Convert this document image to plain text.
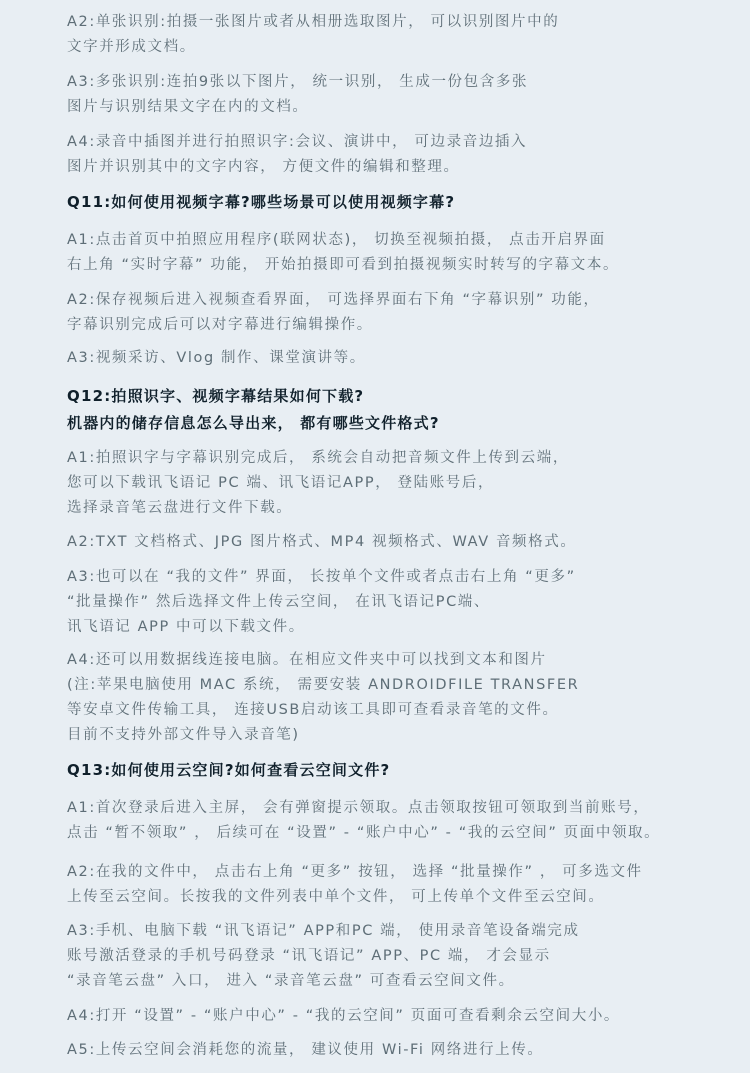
A2:单张识别:拍摄一张图片或者从相册选取图片， 可以识别图片中的
文字并形成文档。
A3:多张识别:连拍9张以下图片， 统一识别， 生成一份包含多张
图片与识别结果文字在内的文档。
A4:录音中插图并进行拍照识字:会议、演讲中， 可边录音边插入
图片并识别其中的文字内容， 方便文件的编辑和整理。
Q11:如何使用视频字幕?哪些场景可以使用视频字幕?
A1:点击首页中拍照应用程序(联网状态)， 切换至视频拍摄， 点击开启界面
右上角 “实时字幕” 功能， 开始拍摄即可看到拍摄视频实时转写的字幕文本。
A2:保存视频后进入视频查看界面， 可选择界面右下角 “字幕识别” 功能，
字幕识别完成后可以对字幕进行编辑操作。
A3:视频采访、Vlog 制作、课堂演讲等。
Q12:拍照识字、视频字幕结果如何下载?
机器内的储存信息怎么导出来， 都有哪些文件格式?
A1:拍照识字与字幕识别完成后， 系统会自动把音频文件上传到云端，
您可以下载讯飞语记 PC 端、讯飞语记APP， 登陆账号后，
选择录音笔云盘进行文件下载。
A2:TXT 文档格式、JPG 图片格式、MP4 视频格式、WAV 音频格式。
A3:也可以在 “我的文件” 界面， 长按单个文件或者点击右上角 “更多”
“批量操作” 然后选择文件上传云空间， 在讯飞语记PC端、
讯飞语记 APP 中可以下载文件。
A4:还可以用数据线连接电脑。在相应文件夹中可以找到文本和图片
(注:苹果电脑使用 MAC 系统， 需要安装 ANDROIDFILE TRANSFER
等安卓文件传输工具， 连接USB启动该工具即可查看录音笔的文件。
目前不支持外部文件导入录音笔)
Q13:如何使用云空间?如何查看云空间文件?
A1:首次登录后进入主屏， 会有弹窗提示领取。点击领取按钮可领取到当前账号，
点击 “暂不领取” ， 后续可在 “设置” - “账户中心” - “我的云空间” 页面中领取。
A2:在我的文件中， 点击右上角 “更多” 按钮， 选择 “批量操作” ， 可多选文件
上传至云空间。长按我的文件列表中单个文件， 可上传单个文件至云空间。
A3:手机、电脑下载 “讯飞语记” APP和PC 端， 使用录音笔设备端完成
账号激活登录的手机号码登录 “讯飞语记” APP、PC 端， 才会显示
“录音笔云盘” 入口， 进入 “录音笔云盘” 可查看云空间文件。
A4:打开 “设置” - “账户中心” - “我的云空间” 页面可查看剩余云空间大小。
A5:上传云空间会消耗您的流量， 建议使用 Wi-Fi 网络进行上传。
